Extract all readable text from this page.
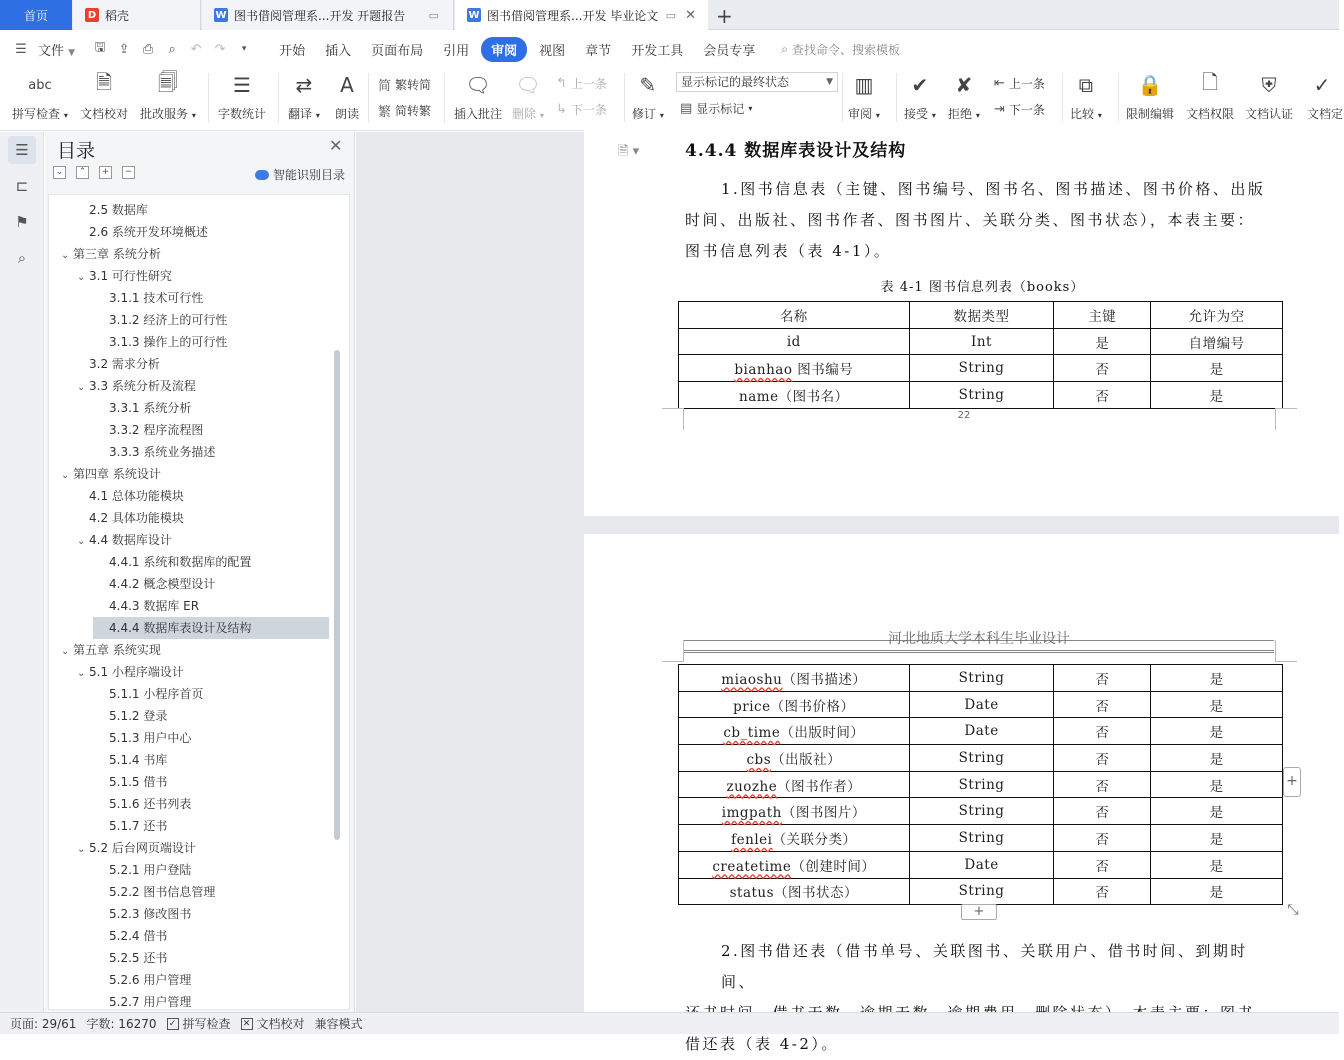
首页	D 稻壳	W 图书借阅管理系...开发 开题报告 ▭	W 图书借阅管理系...开发 毕业论文 ▭ ✕ +
☰ 文件 ▼	🖫 ⇪ ⎙	⌕	↶ ↷	▾	开始	插入	页面布局	引用	审阅	视图	章节	开发工具	会员专享	⌕ 查找命令、搜索模板
abc
拼写检查 ▾
🗎
文档校对
🗐
批改服务 ▾
☰
字数统计
⇄
翻译 ▾
A
朗读
简 繁转简
繁 简转繁
🗨
插入批注
🗨
删除 ▾
↰ 上一条
↳ 下一条
✎
修订 ▾
显示标记的最终状态	▼
▤ 显示标记 ▾
▥
审阅 ▾
✔
接受 ▾
✘
拒绝 ▾
⇤ 上一条
⇥ 下一条
⧉
比较 ▾
🔒
限制编辑
🗋
文档权限
⛨
文档认证
✓
文档定
☰
⊏
⚑
⌕
目录	✕
⌄	⌃	+	−	智能识别目录
2.5 数据库
2.6 系统开发环境概述
⌄ 第三章 系统分析
⌄ 3.1 可行性研究
3.1.1 技术可行性
3.1.2 经济上的可行性
3.1.3 操作上的可行性
3.2 需求分析
⌄ 3.3 系统分析及流程
3.3.1 系统分析
3.3.2 程序流程图
3.3.3 系统业务描述
⌄ 第四章 系统设计
4.1 总体功能模块
4.2 具体功能模块
⌄ 4.4 数据库设计
4.4.1 系统和数据库的配置
4.4.2 概念模型设计
4.4.3 数据库 ER
4.4.4 数据库表设计及结构
⌄ 第五章 系统实现
⌄ 5.1 小程序端设计
5.1.1 小程序首页
5.1.2 登录
5.1.3 用户中心
5.1.4 书库
5.1.5 借书
5.1.6 还书列表
5.1.7 还书
⌄ 5.2 后台网页端设计
5.2.1 用户登陆
5.2.2 图书信息管理
5.2.3 修改图书
5.2.4 借书
5.2.5 还书
5.2.6 用户管理
5.2.7 用户管理
🗎 ▾	4.4.4 数据库表设计及结构
1.图书信息表（主键、图书编号、图书名、图书描述、图书价格、出版
时间、出版社、图书作者、图书图片、关联分类、图书状态），本表主要：
图书信息列表（表 4-1）。
表 4-1 图书信息列表（books）
名称	数据类型	主键	允许为空
id	Int	是	自增编号
bianhao 图书编号	String	否	是
name（图书名）	String	否	是
22
河北地质大学本科生毕业设计
miaoshu（图书描述）	String	否	是
price（图书价格）	Date	否	是
cb_time（出版时间）	Date	否	是
cbs（出版社）	String	否	是
zuozhe（图书作者）	String	否	是
imgpath（图书图片）	String	否	是
fenlei（关联分类）	String	否	是
createtime（创建时间）	Date	否	是
status（图书状态）	String	否	是
+
+
⤡
2.图书借还表（借书单号、关联图书、关联用户、借书时间、到期时间、
借还表（表 4-2）。
页面: 29/61 字数: 16270 ✓ 拼写检查 ✕ 文档校对 兼容模式
